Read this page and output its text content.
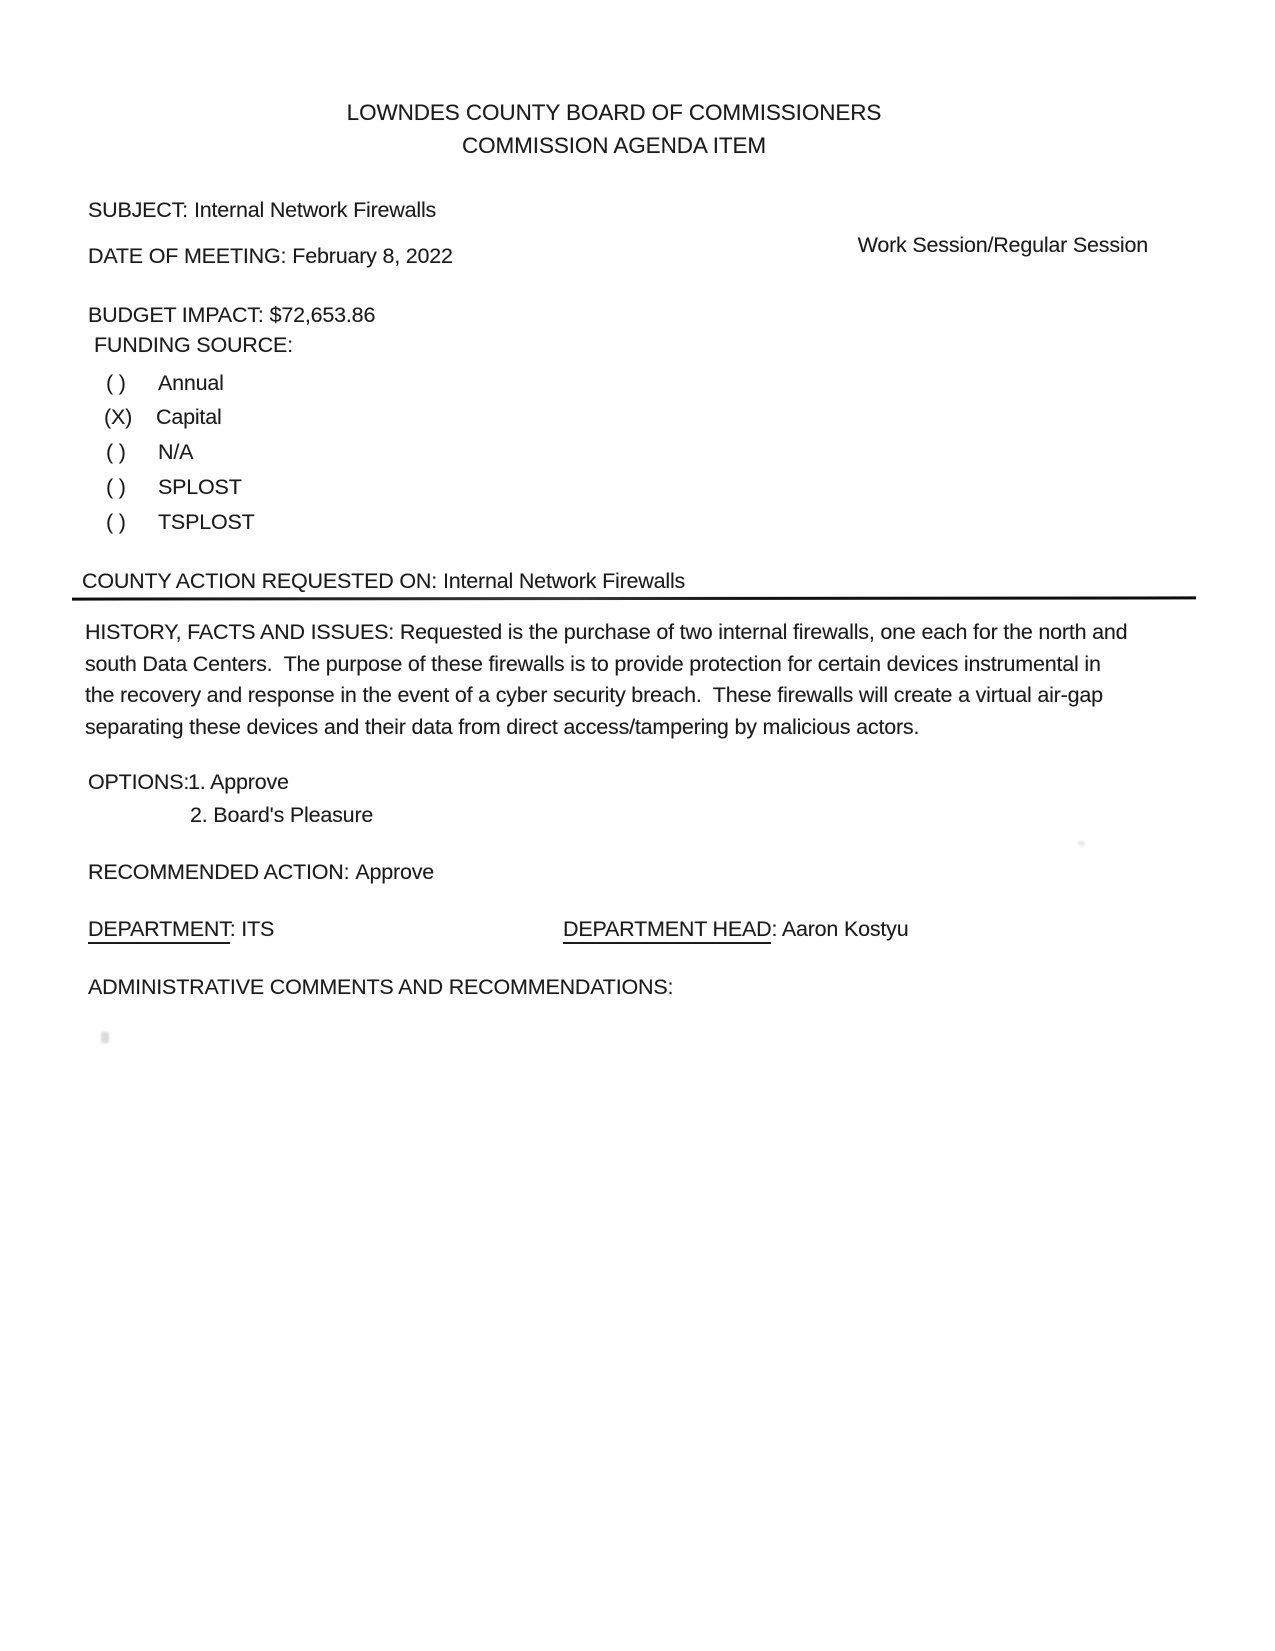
LOWNDES COUNTY BOARD OF COMMISSIONERS
COMMISSION AGENDA ITEM
SUBJECT: Internal Network Firewalls
DATE OF MEETING: February 8, 2022	Work Session/Regular Session
BUDGET IMPACT: $72,653.86
FUNDING SOURCE:
( ) Annual
(X) Capital
( ) N/A
( ) SPLOST
( ) TSPLOST
COUNTY ACTION REQUESTED ON: Internal Network Firewalls
HISTORY, FACTS AND ISSUES: Requested is the purchase of two internal firewalls, one each for the north and
south Data Centers.  The purpose of these firewalls is to provide protection for certain devices instrumental in
the recovery and response in the event of a cyber security breach.  These firewalls will create a virtual air-gap
separating these devices and their data from direct access/tampering by malicious actors.
OPTIONS:
1. Approve
2. Board's Pleasure
RECOMMENDED ACTION: Approve
DEPARTMENT: ITS	DEPARTMENT HEAD: Aaron Kostyu
ADMINISTRATIVE COMMENTS AND RECOMMENDATIONS:
